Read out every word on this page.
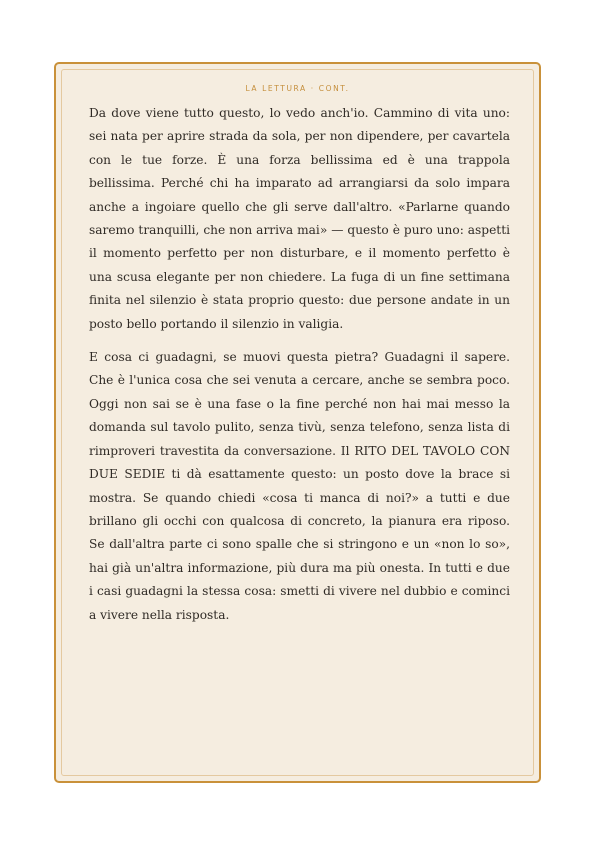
LA LETTURA · CONT.

Da dove viene tutto questo, lo vedo anch'io. Cammino di vita uno: sei nata per aprire strada da sola, per non dipendere, per cavartela con le tue forze. È una forza bellissima ed è una trappola bellissima. Perché chi ha imparato ad arrangiarsi da solo impara anche a ingoiare quello che gli serve dall'altro. «Parlarne quando saremo tranquilli, che non arriva mai» — questo è puro uno: aspetti il momento perfetto per non disturbare, e il momento perfetto è una scusa elegante per non chiedere. La fuga di un fine settimana finita nel silenzio è stata proprio questo: due persone andate in un posto bello portando il silenzio in valigia.

E cosa ci guadagni, se muovi questa pietra? Guadagni il sapere. Che è l'unica cosa che sei venuta a cercare, anche se sembra poco. Oggi non sai se è una fase o la fine perché non hai mai messo la domanda sul tavolo pulito, senza tivù, senza telefono, senza lista di rimproveri travestita da conversazione. Il RITO DEL TAVOLO CON DUE SEDIE ti dà esattamente questo: un posto dove la brace si mostra. Se quando chiedi «cosa ti manca di noi?» a tutti e due brillano gli occhi con qualcosa di concreto, la pianura era riposo. Se dall'altra parte ci sono spalle che si stringono e un «non lo so», hai già un'altra informazione, più dura ma più onesta. In tutti e due i casi guadagni la stessa cosa: smetti di vivere nel dubbio e cominci a vivere nella risposta.
